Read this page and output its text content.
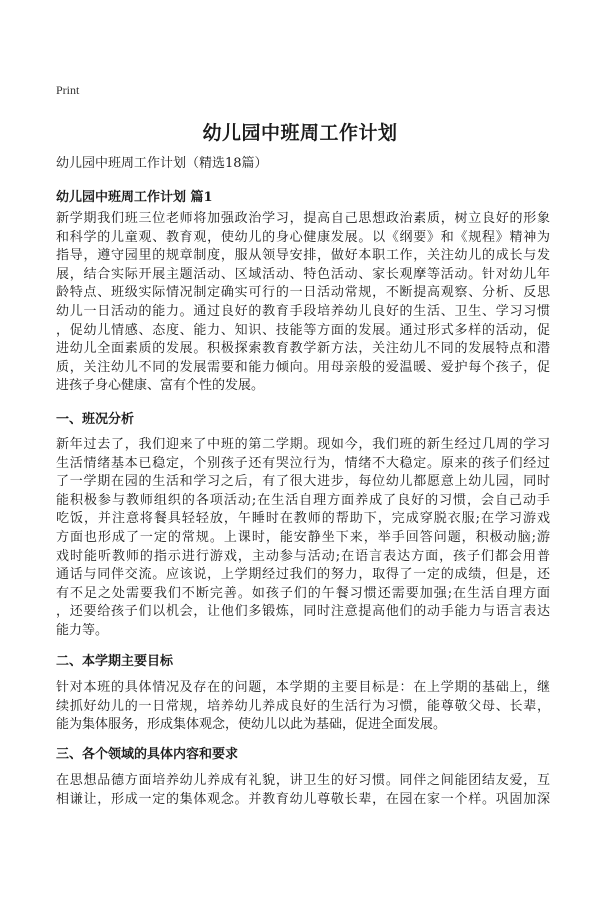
Print
幼儿园中班周工作计划

幼儿园中班周工作计划（精选18篇）

幼儿园中班周工作计划 篇1
新学期我们班三位老师将加强政治学习，提高自己思想政治素质，树立良好的形象
和科学的儿童观、教育观，使幼儿的身心健康发展。以《纲要》和《规程》精神为
指导，遵守园里的规章制度，服从领导安排，做好本职工作，关注幼儿的成长与发
展，结合实际开展主题活动、区域活动、特色活动、家长观摩等活动。针对幼儿年
龄特点、班级实际情况制定确实可行的一日活动常规，不断提高观察、分析、反思
幼儿一日活动的能力。通过良好的教育手段培养幼儿良好的生活、卫生、学习习惯
，促幼儿情感、态度、能力、知识、技能等方面的发展。通过形式多样的活动，促
进幼儿全面素质的发展。积极探索教育教学新方法，关注幼儿不同的发展特点和潜
质，关注幼儿不同的发展需要和能力倾向。用母亲般的爱温暖、爱护每个孩子，促
进孩子身心健康、富有个性的发展。
一、班况分析
新年过去了，我们迎来了中班的第二学期。现如今，我们班的新生经过几周的学习
生活情绪基本已稳定，个别孩子还有哭泣行为，情绪不大稳定。原来的孩子们经过
了一学期在园的生活和学习之后，有了很大进步，每位幼儿都愿意上幼儿园，同时
能积极参与教师组织的各项活动;在生活自理方面养成了良好的习惯，会自己动手
吃饭，并注意将餐具轻轻放，午睡时在教师的帮助下，完成穿脱衣服;在学习游戏
方面也形成了一定的常规。上课时，能安静坐下来，举手回答问题，积极动脑;游
戏时能听教师的指示进行游戏，主动参与活动;在语言表达方面，孩子们都会用普
通话与同伴交流。应该说，上学期经过我们的努力，取得了一定的成绩，但是，还
有不足之处需要我们不断完善。如孩子们的午餐习惯还需要加强;在生活自理方面
，还要给孩子们以机会，让他们多锻炼，同时注意提高他们的动手能力与语言表达
能力等。
二、本学期主要目标
针对本班的具体情况及存在的问题，本学期的主要目标是：在上学期的基础上，继
续抓好幼儿的一日常规，培养幼儿养成良好的生活行为习惯，能尊敬父母、长辈，
能为集体服务，形成集体观念，使幼儿以此为基础，促进全面发展。
三、各个领域的具体内容和要求
在思想品德方面培养幼儿养成有礼貌，讲卫生的好习惯。同伴之间能团结友爱，互
相谦让，形成一定的集体观念。并教育幼儿尊敬长辈，在园在家一个样。巩固加深
